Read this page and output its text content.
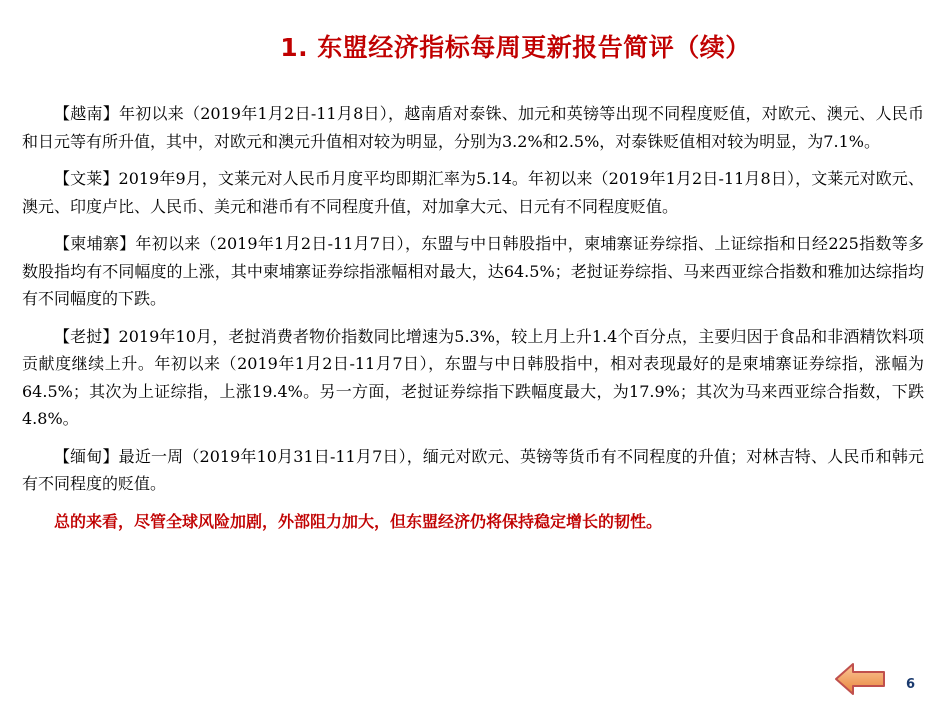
1. 东盟经济指标每周更新报告简评（续）

【越南】年初以来（2019年1月2日-11月8日），越南盾对泰铢、加元和英镑等出现不同程度贬值，对欧元、澳元、人民币和日元等有所升值，其中，对欧元和澳元升值相对较为明显，分别为3.2%和2.5%，对泰铢贬值相对较为明显，为7.1%。

【文莱】2019年9月，文莱元对人民币月度平均即期汇率为5.14。年初以来（2019年1月2日-11月8日），文莱元对欧元、澳元、印度卢比、人民币、美元和港币有不同程度升值，对加拿大元、日元有不同程度贬值。

【柬埔寨】年初以来（2019年1月2日-11月7日），东盟与中日韩股指中，柬埔寨证券综指、上证综指和日经225指数等多数股指均有不同幅度的上涨，其中柬埔寨证券综指涨幅相对最大，达64.5%；老挝证券综指、马来西亚综合指数和雅加达综指均有不同幅度的下跌。

【老挝】2019年10月，老挝消费者物价指数同比增速为5.3%，较上月上升1.4个百分点，主要归因于食品和非酒精饮料项贡献度继续上升。年初以来（2019年1月2日-11月7日），东盟与中日韩股指中，相对表现最好的是柬埔寨证券综指，涨幅为64.5%；其次为上证综指，上涨19.4%。另一方面，老挝证券综指下跌幅度最大，为17.9%；其次为马来西亚综合指数，下跌4.8%。

【缅甸】最近一周（2019年10月31日-11月7日），缅元对欧元、英镑等货币有不同程度的升值；对林吉特、人民币和韩元有不同程度的贬值。

总的来看，尽管全球风险加剧，外部阻力加大，但东盟经济仍将保持稳定增长的韧性。

6
